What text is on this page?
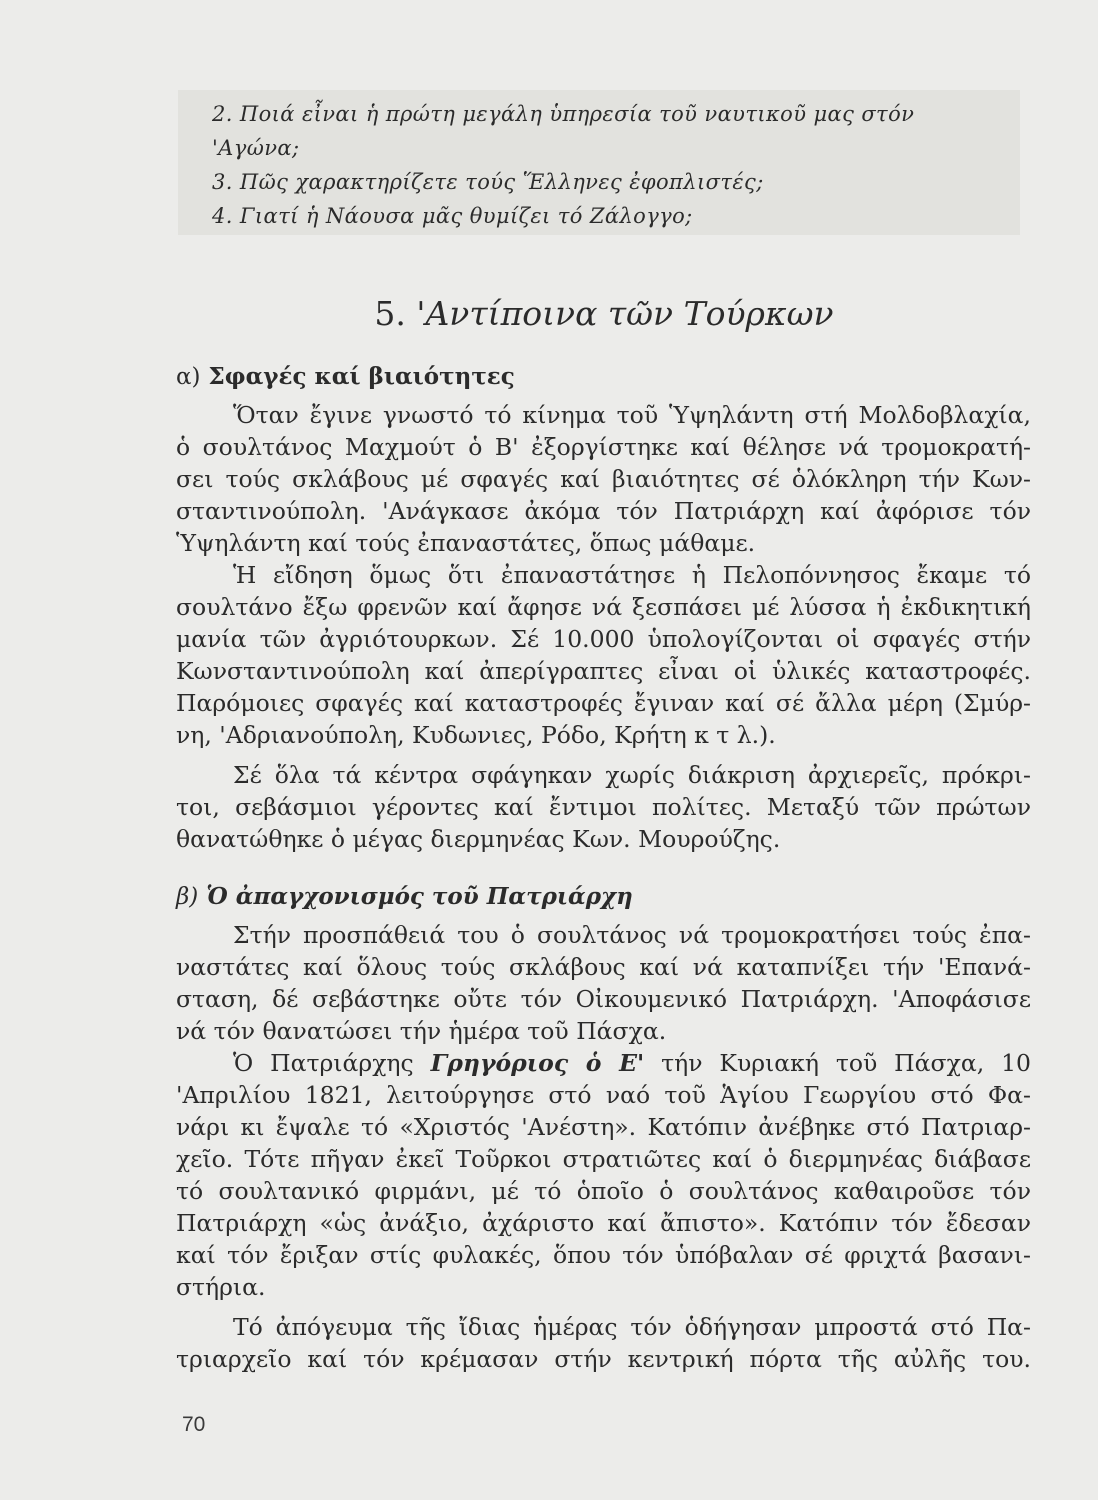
2. Ποιά εἶναι ἡ πρώτη μεγάλη ὑπηρεσία τοῦ ναυτικοῦ μας στόν
'Αγώνα;
3. Πῶς χαρακτηρίζετε τούς Ἕλληνες ἐφοπλιστές;
4. Γιατί ἡ Νάουσα μᾶς θυμίζει τό Ζάλογγο;
5. 'Αντίποινα τῶν Τούρκων
α) Σφαγές καί βιαιότητες
Ὅταν ἔγινε γνωστό τό κίνημα τοῦ Ὑψηλάντη στή Μολδοβλαχία,
ὁ σουλτάνος Μαχμούτ ὁ Β' ἐξοργίστηκε καί θέλησε νά τρομοκρατή-
σει τούς σκλάβους μέ σφαγές καί βιαιότητες σέ ὁλόκληρη τήν Κων-
σταντινούπολη. 'Ανάγκασε ἀκόμα τόν Πατριάρχη καί ἀφόρισε τόν
Ὑψηλάντη καί τούς ἐπαναστάτες, ὅπως μάθαμε.
Ἡ εἴδηση ὅμως ὅτι ἐπαναστάτησε ἡ Πελοπόννησος ἔκαμε τό
σουλτάνο ἔξω φρενῶν καί ἄφησε νά ξεσπάσει μέ λύσσα ἡ ἐκδικητική
μανία τῶν ἀγριότουρκων. Σέ 10.000 ὑπολογίζονται οἱ σφαγές στήν
Κωνσταντινούπολη καί ἀπερίγραπτες εἶναι οἱ ὑλικές καταστροφές.
Παρόμοιες σφαγές καί καταστροφές ἔγιναν καί σέ ἄλλα μέρη (Σμύρ-
νη, 'Αδριανούπολη, Κυδωνιες, Ρόδο, Κρήτη κ τ λ.).
Σέ ὅλα τά κέντρα σφάγηκαν χωρίς διάκριση ἀρχιερεῖς, πρόκρι-
τοι, σεβάσμιοι γέροντες καί ἔντιμοι πολίτες. Μεταξύ τῶν πρώτων
θανατώθηκε ὁ μέγας διερμηνέας Κων. Μουρούζης.
β) Ὁ ἀπαγχονισμός τοῦ Πατριάρχη
Στήν προσπάθειά του ὁ σουλτάνος νά τρομοκρατήσει τούς ἐπα-
ναστάτες καί ὅλους τούς σκλάβους καί νά καταπνίξει τήν 'Επανά-
σταση, δέ σεβάστηκε οὔτε τόν Οἰκουμενικό Πατριάρχη. 'Αποφάσισε
νά τόν θανατώσει τήν ἡμέρα τοῦ Πάσχα.
Ὁ Πατριάρχης Γρηγόριος ὁ Ε' τήν Κυριακή τοῦ Πάσχα, 10
'Απριλίου 1821, λειτούργησε στό ναό τοῦ Ἁγίου Γεωργίου στό Φα-
νάρι κι ἔψαλε τό «Χριστός 'Ανέστη». Κατόπιν ἀνέβηκε στό Πατριαρ-
χεῖο. Τότε πῆγαν ἐκεῖ Τοῦρκοι στρατιῶτες καί ὁ διερμηνέας διάβασε
τό σουλτανικό φιρμάνι, μέ τό ὁποῖο ὁ σουλτάνος καθαιροῦσε τόν
Πατριάρχη «ὡς ἀνάξιο, ἀχάριστο καί ἄπιστο». Κατόπιν τόν ἔδεσαν
καί τόν ἔριξαν στίς φυλακές, ὅπου τόν ὑπόβαλαν σέ φριχτά βασανι-
στήρια.
Τό ἀπόγευμα τῆς ἴδιας ἡμέρας τόν ὁδήγησαν μπροστά στό Πα-
τριαρχεῖο καί τόν κρέμασαν στήν κεντρική πόρτα τῆς αὐλῆς του.
70
